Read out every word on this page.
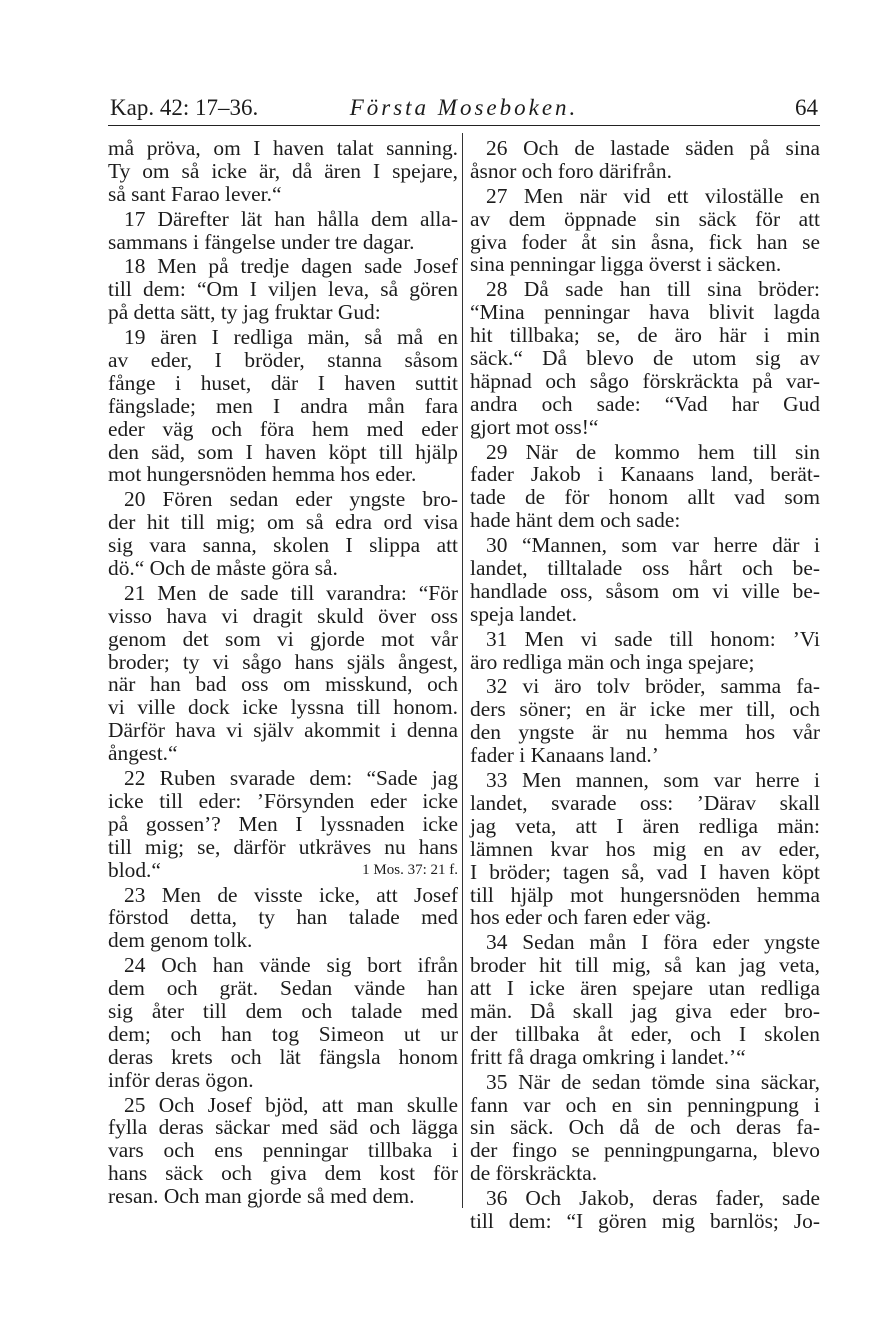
Kap. 42: 17–36.	Första Moseboken.	64
må pröva, om I haven talat sanning.
Ty om så icke är, då ären I spejare,
så sant Farao lever.“
17 Därefter lät han hålla dem alla-
sammans i fängelse under tre dagar.
18 Men på tredje dagen sade Josef
till dem: “Om I viljen leva, så gören
på detta sätt, ty jag fruktar Gud:
19 ären I redliga män, så må en
av eder, I bröder, stanna såsom
fånge i huset, där I haven suttit
fängslade; men I andra mån fara
eder väg och föra hem med eder
den säd, som I haven köpt till hjälp
mot hungersnöden hemma hos eder.
20 Fören sedan eder yngste bro-
der hit till mig; om så edra ord visa
sig vara sanna, skolen I slippa att
dö.“ Och de måste göra så.
21 Men de sade till varandra: “För
visso hava vi dragit skuld över oss
genom det som vi gjorde mot vår
broder; ty vi sågo hans själs ångest,
när han bad oss om misskund, och
vi ville dock icke lyssna till honom.
Därför hava vi själv akommit i denna
ångest.“
22 Ruben svarade dem: “Sade jag
icke till eder: ’Försynden eder icke
på gossen’? Men I lyssnaden icke
till mig; se, därför utkräves nu hans
blod.“	1 Mos. 37: 21 f.
23 Men de visste icke, att Josef
förstod detta, ty han talade med
dem genom tolk.
24 Och han vände sig bort ifrån
dem och grät. Sedan vände han
sig åter till dem och talade med
dem; och han tog Simeon ut ur
deras krets och lät fängsla honom
inför deras ögon.
25 Och Josef bjöd, att man skulle
fylla deras säckar med säd och lägga
vars och ens penningar tillbaka i
hans säck och giva dem kost för
resan. Och man gjorde så med dem.
26 Och de lastade säden på sina
åsnor och foro därifrån.
27 Men när vid ett viloställe en
av dem öppnade sin säck för att
giva foder åt sin åsna, fick han se
sina penningar ligga överst i säcken.
28 Då sade han till sina bröder:
“Mina penningar hava blivit lagda
hit tillbaka; se, de äro här i min
säck.“ Då blevo de utom sig av
häpnad och sågo förskräckta på var-
andra och sade: “Vad har Gud
gjort mot oss!“
29 När de kommo hem till sin
fader Jakob i Kanaans land, berät-
tade de för honom allt vad som
hade hänt dem och sade:
30 “Mannen, som var herre där i
landet, tilltalade oss hårt och be-
handlade oss, såsom om vi ville be-
speja landet.
31 Men vi sade till honom: ’Vi
äro redliga män och inga spejare;
32 vi äro tolv bröder, samma fa-
ders söner; en är icke mer till, och
den yngste är nu hemma hos vår
fader i Kanaans land.’
33 Men mannen, som var herre i
landet, svarade oss: ’Därav skall
jag veta, att I ären redliga män:
lämnen kvar hos mig en av eder,
I bröder; tagen så, vad I haven köpt
till hjälp mot hungersnöden hemma
hos eder och faren eder väg.
34 Sedan mån I föra eder yngste
broder hit till mig, så kan jag veta,
att I icke ären spejare utan redliga
män. Då skall jag giva eder bro-
der tillbaka åt eder, och I skolen
fritt få draga omkring i landet.’“
35 När de sedan tömde sina säckar,
fann var och en sin penningpung i
sin säck. Och då de och deras fa-
der fingo se penningpungarna, blevo
de förskräckta.
36 Och Jakob, deras fader, sade
till dem: “I gören mig barnlös; Jo-
